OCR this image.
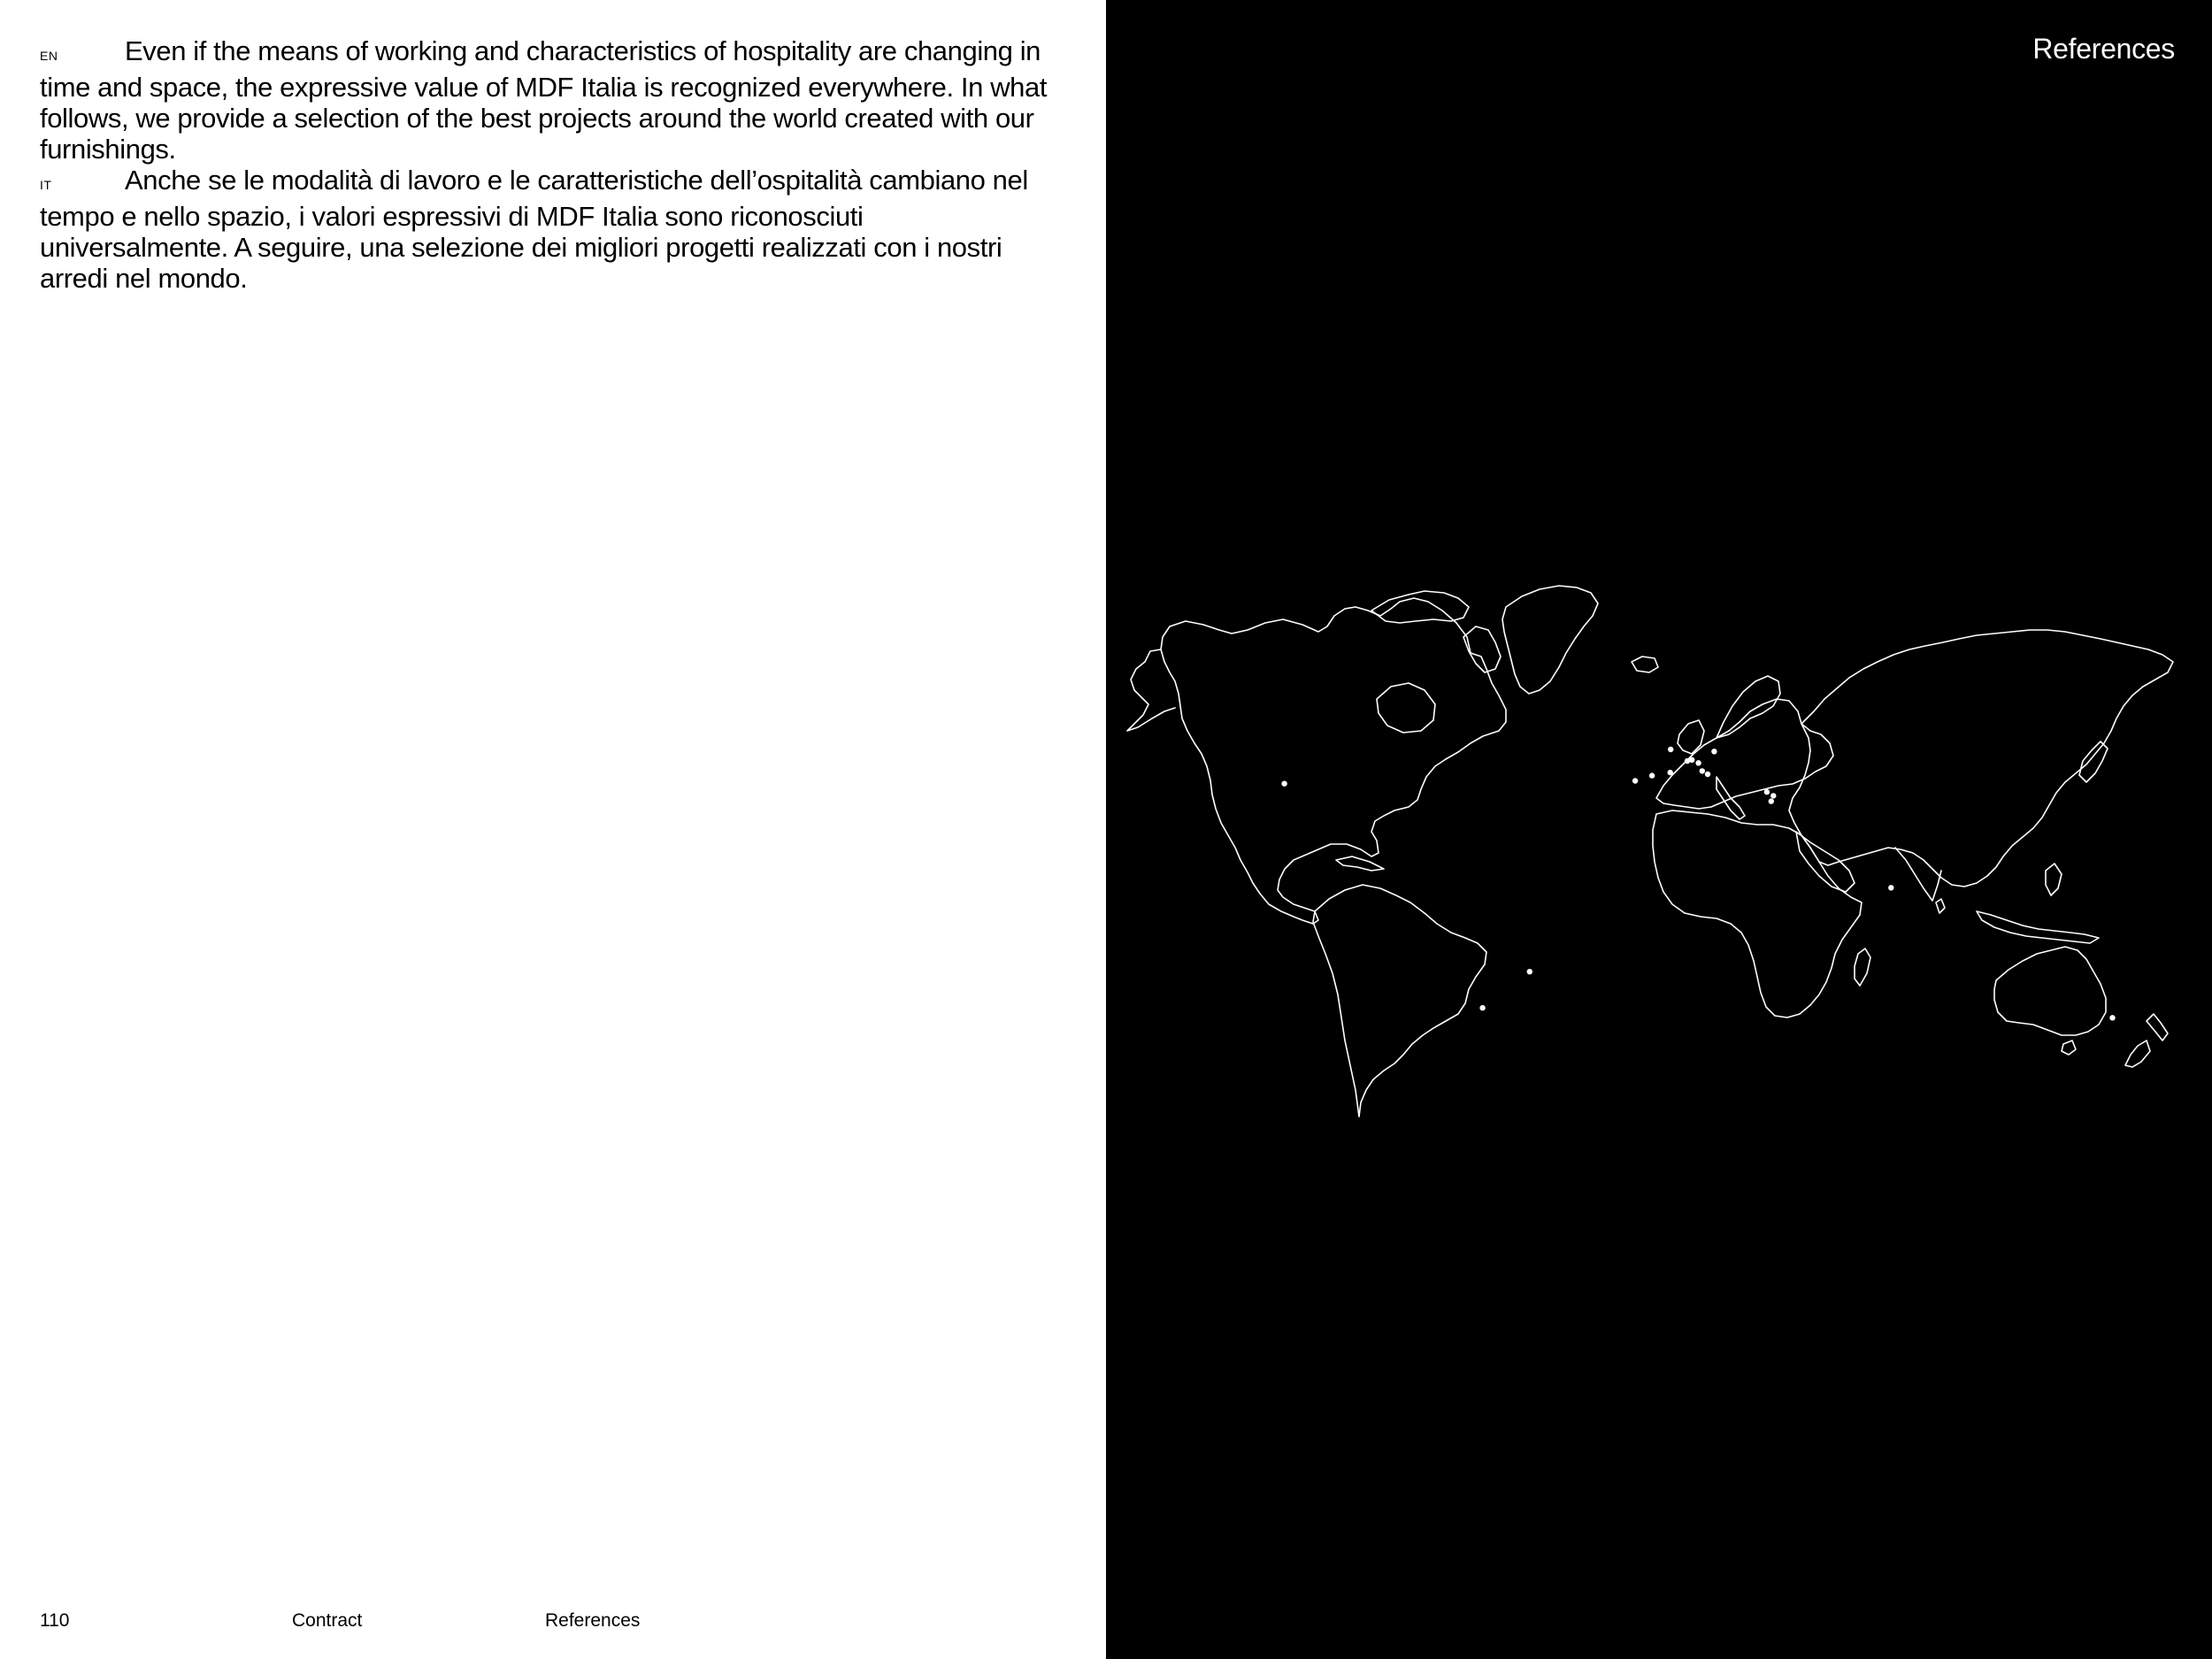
EN Even if the means of working and characteristics of hospitality are changing in time and space, the expressive value of MDF Italia is recognized everywhere. In what follows, we provide a selection of the best projects around the world created with our furnishings.

IT	Anche se le modalità di lavoro e le caratteristiche dell’ospitalità cambiano nel tempo e nello spazio, i valori espressivi di MDF Italia sono riconosciuti universalmente. A seguire, una selezione dei migliori progetti realizzati con i nostri arredi nel mondo.

110	Contract	References
References
